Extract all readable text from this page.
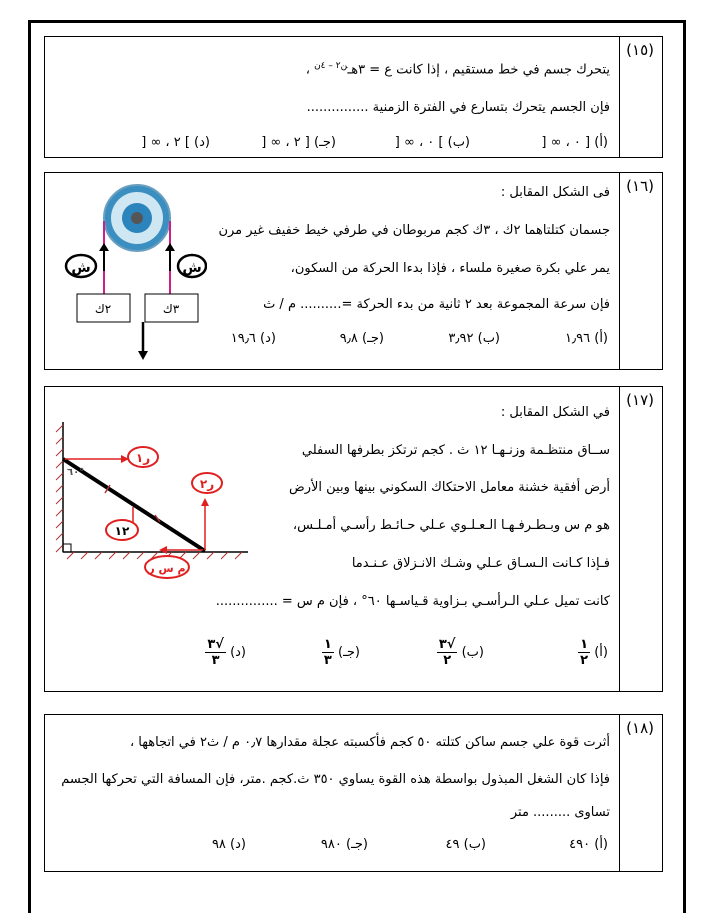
(١٥)
يتحرك جسم في خط مستقيم ، إذا كانت ع = ٣هـ$^{ن٢ - ٤ن}$ ،
فإن الجسم يتحرك بتسارع في الفترة الزمنية ...............
(أ) [ ٠ ، ∞ [
(ب) ] ٠ ، ∞ [
(جـ) [ ٢ ، ∞ [
(د) ] ٢ ، ∞ [
(١٦)
فى الشكل المقابل :
جسمان كتلتاهما ٢ك ، ٣ك كجم مربوطان في طرفي خيط خفيف غير مرن
يمر علي بكرة صغيرة ملساء ، فإذا بدءا الحركة من السكون،
فإن سرعة المجموعة بعد ٢ ثانية من بدء الحركة =.......... م / ث
(أ) ١٫٩٦
(ب) ٣٫٩٢
(جـ) ٩٫٨
(د) ١٩٫٦
ش	ش
٢ك	٣ك
(١٧)
في الشكل المقابل :
ســاق منتظـمة وزنـهـا ١٢ ث . كجم ترتكز بطرفها السفلي
أرض أفقية خشنة معامل الاحتكاك السكوني بينها وبين الأرض
هو م س وبـطـرفـهـا الـعـلـوي عـلي حـائـط رأسـي أمـلـس،
فـإذا كـانت الـسـاق عـلي وشـك الانـزلاق عـنـدما
كانت تميل عـلي الـرأسـي بـزاوية قـياسـها ٦٠° ، فإن م س = ...............
(أ)
$\frac{١}{٢}$
(ب)
$\frac{√٣}{٢}$
(جـ)
$\frac{١}{٣}$
(د)
$\frac{√٣}{٣}$
٦٠°
ر١
ر٢
١٢
م س ر
(١٨)
أثرت قوة علي جسم ساكن كتلته ٥٠ كجم فأكسبته عجلة مقدارها ٠٫٧ م / ث٢ في اتجاهها ،
فإذا كان الشغل المبذول بواسطة هذه القوة يساوي ٣٥٠ ث.كجم .متر، فإن المسافة التي تحركها الجسم
تساوى ......... متر
(أ) ٤٩٠
(ب) ٤٩
(جـ) ٩٨٠
(د) ٩٨
